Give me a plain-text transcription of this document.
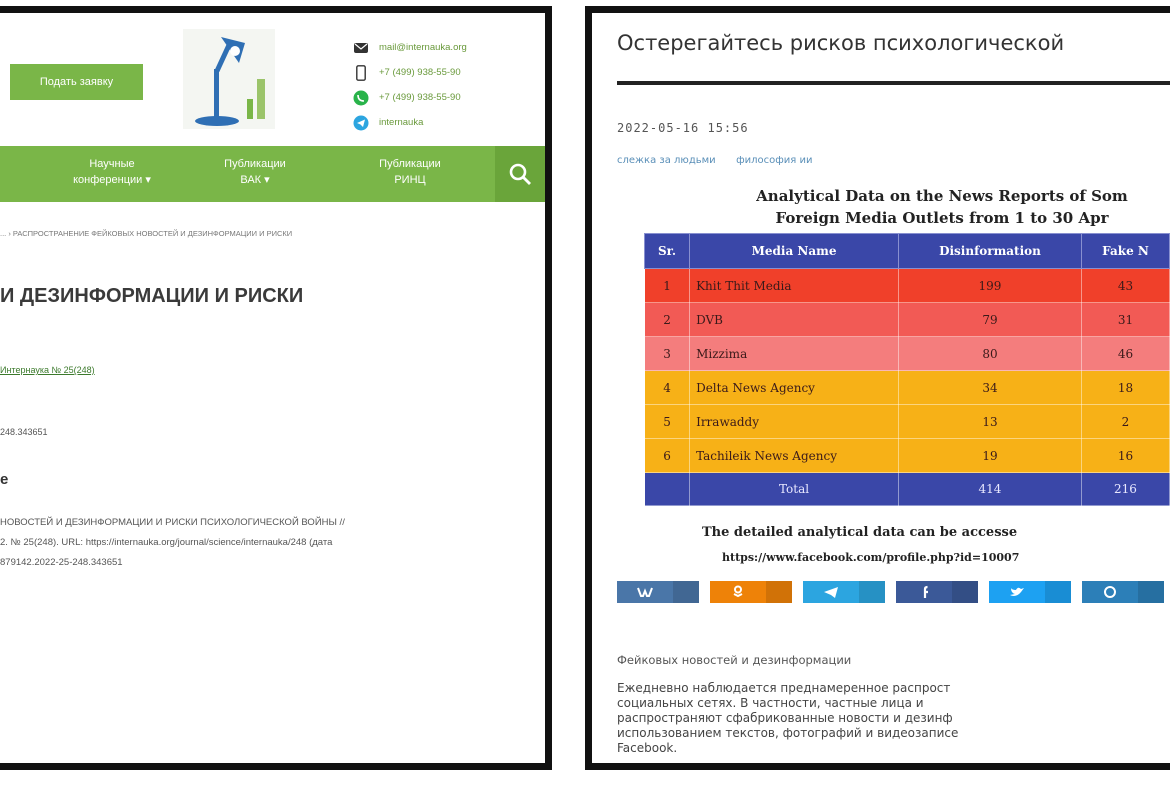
Подать заявку
mail@internauka.org
+7 (499) 938-55-90
+7 (499) 938-55-90
internauka
Научные
конференции ▾
Публикации
ВАК ▾
Публикации
РИНЦ
... › РАСПРОСТРАНЕНИЕ ФЕЙКОВЫХ НОВОСТЕЙ И ДЕЗИНФОРМАЦИИ И РИСКИ
И ДЕЗИНФОРМАЦИИ И РИСКИ
Интернаука № 25(248)
248.343651
е
НОВОСТЕЙ И ДЕЗИНФОРМАЦИИ И РИСКИ ПСИХОЛОГИЧЕСКОЙ ВОЙНЫ //
2. № 25(248). URL: https://internauka.org/journal/science/internauka/248 (дата
879142.2022-25-248.343651
Остерегайтесь рисков психологической
2022-05-16 15:56
слежка за людьми философия ии
Analytical Data on the News Reports of Som
Foreign Media Outlets from 1 to 30 Apr
Sr.	Media Name	Disinformation	Fake N
1	Khit Thit Media	199	43
2	DVB	79	31
3	Mizzima	80	46
4	Delta News Agency	34	18
5	Irrawaddy	13	2
6	Tachileik News Agency	19	16
	Total	414	216
The detailed analytical data can be accesse
https://www.facebook.com/profile.php?id=10007
Фейковых новостей и дезинформации
Ежедневно наблюдается преднамеренное распрост
социальных сетях. В частности, частные лица и
распространяют сфабрикованные новости и дезинф
использованием текстов, фотографий и видеозаписе
Facebook.
